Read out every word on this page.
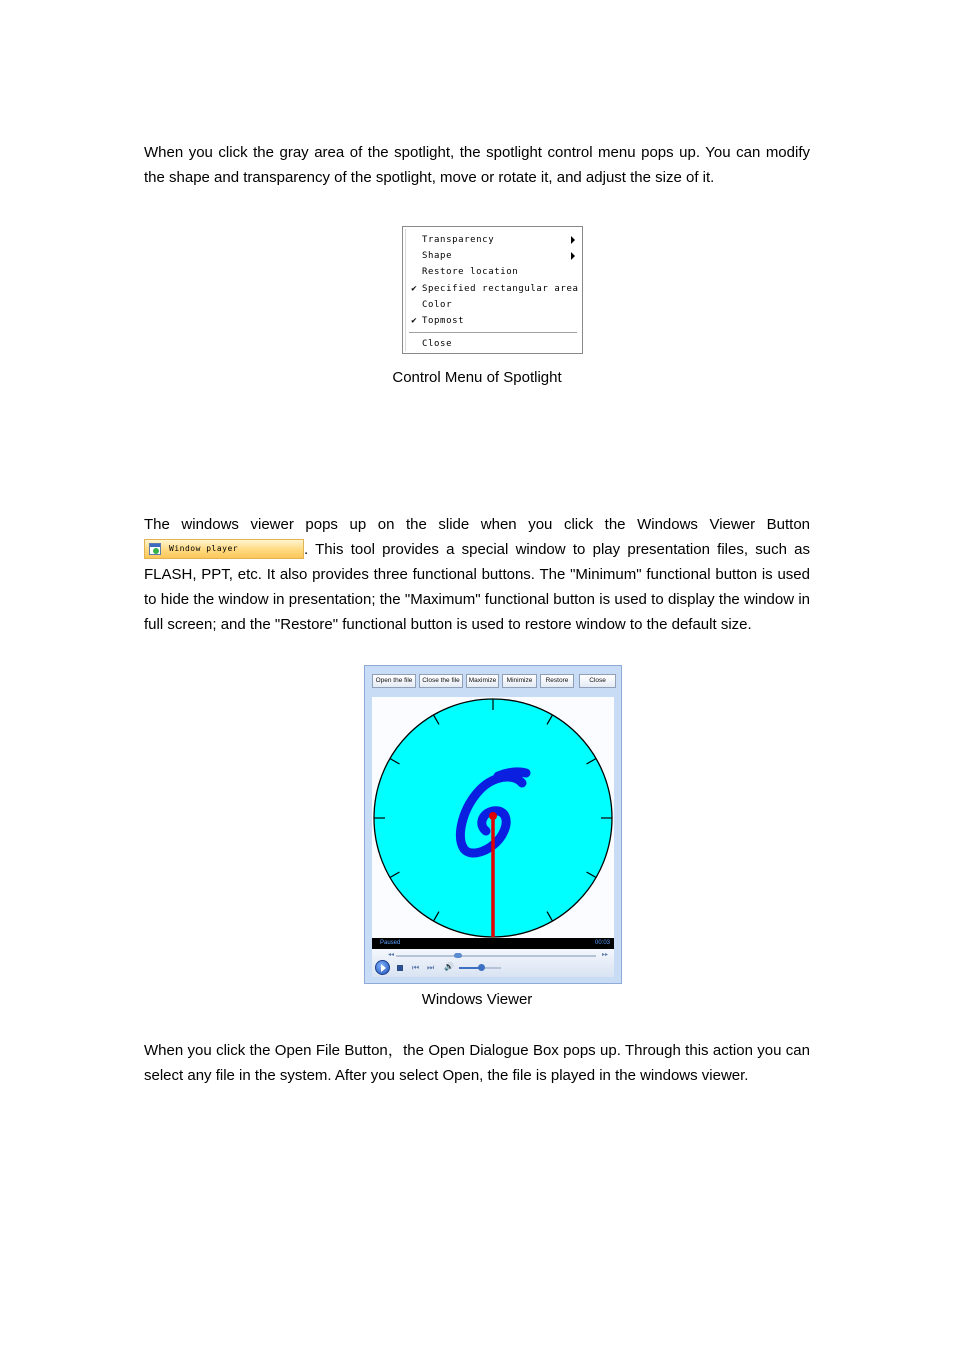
When you click the gray area of the spotlight, the spotlight control menu pops up. You can modify the shape and transparency of the spotlight, move or rotate it, and adjust the size of it.

Transparency
Shape
Restore location
✔ Specified rectangular area
Color
✔ Topmost
Close
Control Menu of Spotlight

The windows viewer pops up on the slide when you click the Windows Viewer Button
Window player	. This tool provides a special window to play presentation files, such as FLASH, PPT, etc. It also provides three functional buttons. The "Minimum" functional button is used to hide the window in presentation; the "Maximum" functional button is used to display the window in full screen; and the "Restore" functional button is used to restore window to the default size.

Open the file	Close the file	Maximize	Minimize	Restore	Close
Paused	00:03
◂◂	▸▸
⏮ ⏭ 🔊
Windows Viewer

When you click the Open File Button，the Open Dialogue Box pops up. Through this action you can select any file in the system. After you select Open, the file is played in the windows viewer.
